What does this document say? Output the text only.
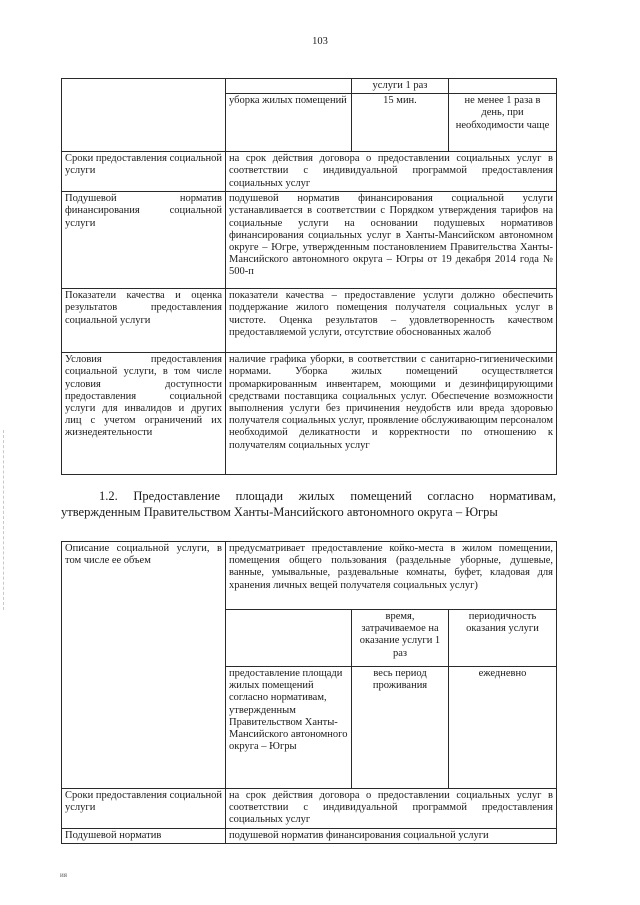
103
		услуги 1 раз	
	уборка жилых помещений	15 мин.	не менее 1 раза в день, при необходимости чаще
Сроки предоставления социальной услуги	на срок действия договора о предоставлении социальных услуг в соответствии с индивидуальной программой предоставления социальных услуг		
Подушевой норматив финансирования социальной услуги	подушевой норматив финансирования социальной услуги устанавливается в соответствии с Порядком утверждения тарифов на социальные услуги на основании подушевых нормативов финансирования социальных услуг в Ханты-Мансийском автономном округе – Югре, утвержденным постановлением Правительства Ханты-Мансийского автономного округа – Югры от 19 декабря 2014 года № 500-п		
Показатели качества и оценка результатов предоставления социальной услуги	показатели качества – предоставление услуги должно обеспечить поддержание жилого помещения получателя социальных услуг в чистоте. Оценка результатов – удовлетворенность качеством предоставляемой услуги, отсутствие обоснованных жалоб		
Условия предоставления социальной услуги, в том числе условия доступности предоставления социальной услуги для инвалидов и других лиц с учетом ограничений их жизнедеятельности	наличие графика уборки, в соответствии с санитарно-гигиеническими нормами. Уборка жилых помещений осуществляется промаркированным инвентарем, моющими и дезинфицирующими средствами поставщика социальных услуг. Обеспечение возможности выполнения услуги без причинения неудобств или вреда здоровью получателя социальных услуг, проявление обслуживающим персоналом необходимой деликатности и корректности по отношению к получателям социальных услуг		
1.2. Предоставление площади жилых помещений согласно нормативам, утвержденным Правительством Ханты-Мансийского автономного округа – Югры
Описание социальной услуги, в том числе ее объем	предусматривает предоставление койко-места в жилом помещении, помещения общего пользования (раздельные уборные, душевые, ванные, умывальные, раздевальные комнаты, буфет, кладовая для хранения личных вещей получателя социальных услуг)		
		время, затрачиваемое на оказание услуги 1 раз	периодичность оказания услуги
	предоставление площади жилых помещений согласно нормативам, утвержденным Правительством Ханты-Мансийского автономного округа – Югры	весь период проживания	ежедневно
Сроки предоставления социальной услуги	на срок действия договора о предоставлении социальных услуг в соответствии с индивидуальной программой предоставления социальных услуг		
Подушевой норматив	подушевой норматив финансирования социальной услуги		
ия
